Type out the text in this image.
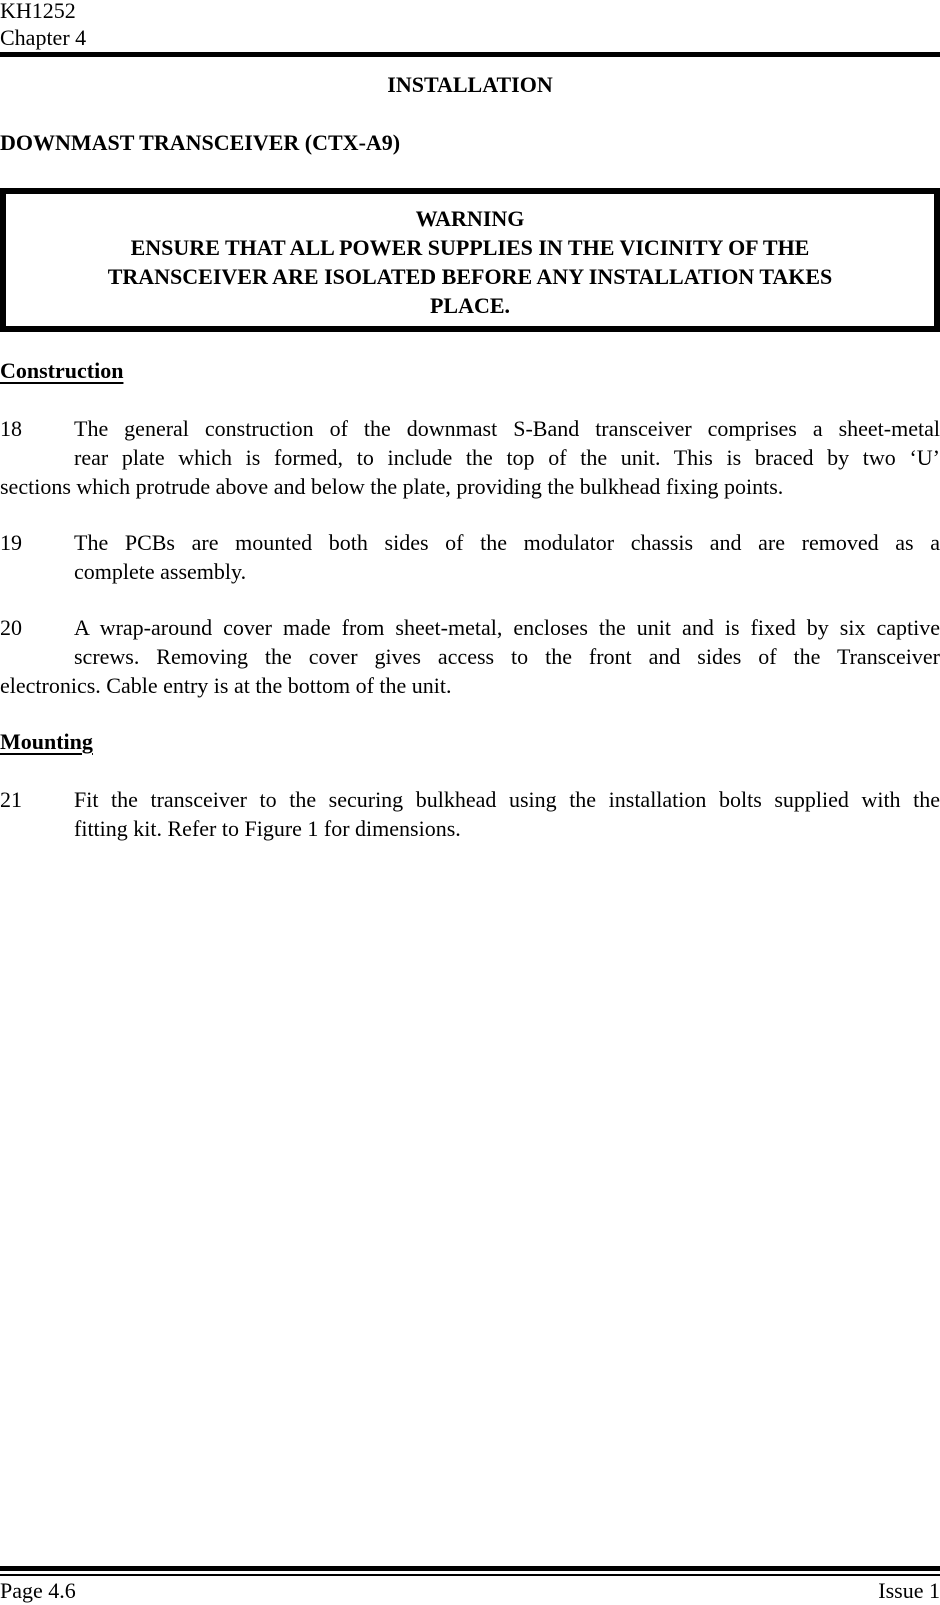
KH1252
Chapter 4
INSTALLATION
DOWNMAST TRANSCEIVER (CTX-A9)
WARNING
ENSURE THAT ALL POWER SUPPLIES IN THE VICINITY OF THE
TRANSCEIVER ARE ISOLATED BEFORE ANY INSTALLATION TAKES
PLACE.
Construction
18 The general construction of the downmast S-Band transceiver comprises a sheet-metal
rear plate which is formed, to include the top of the unit. This is braced by two ‘U’
sections which protrude above and below the plate, providing the bulkhead fixing points.
19 The PCBs are mounted both sides of the modulator chassis and are removed as a
complete assembly.
20 A wrap-around cover made from sheet-metal, encloses the unit and is fixed by six captive
screws. Removing the cover gives access to the front and sides of the Transceiver
electronics. Cable entry is at the bottom of the unit.
Mounting
21 Fit the transceiver to the securing bulkhead using the installation bolts supplied with the
fitting kit. Refer to Figure 1 for dimensions.
Page 4.6	Issue 1
